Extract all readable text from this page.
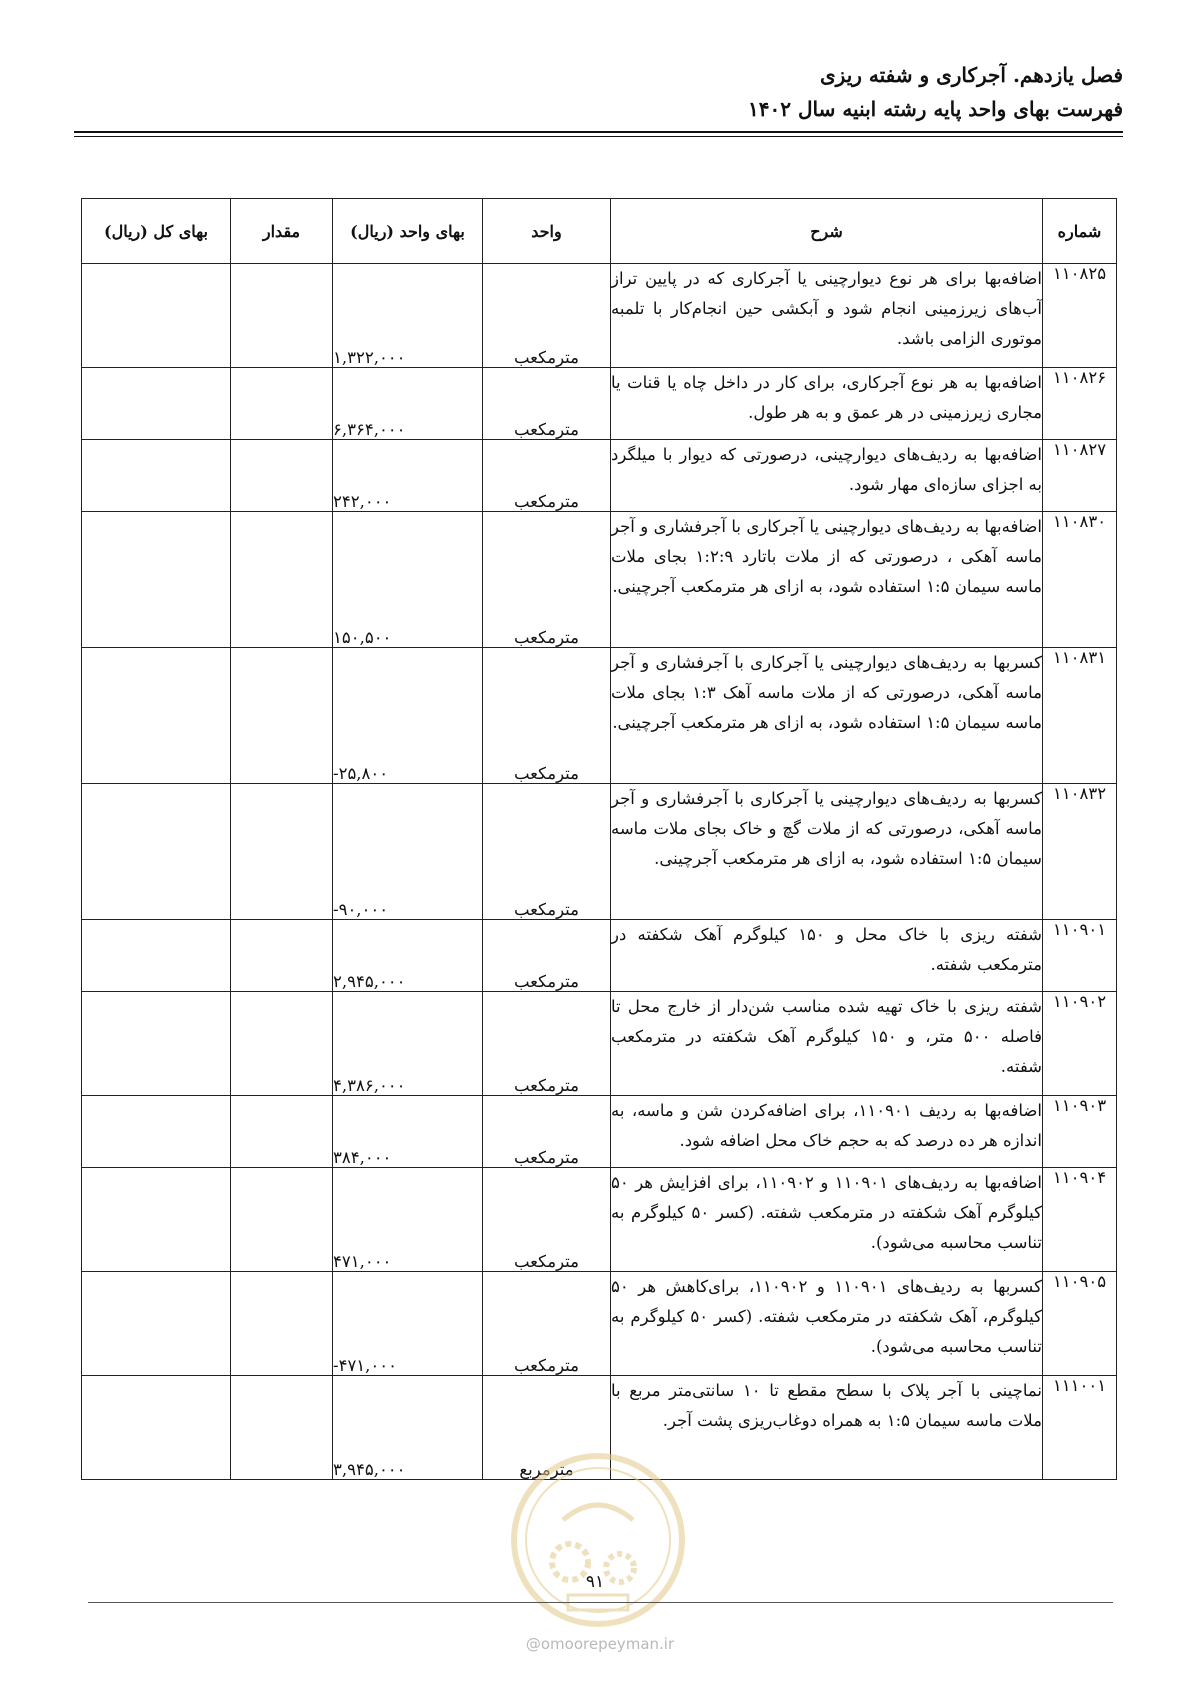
فصل یازدهم. آجرکاری و شفته ریزی
فهرست بهای واحد پایه رشته ابنیه سال ۱۴۰۲
شماره	شرح	واحد	بهای واحد (ریال)	مقدار	بهای کل (ریال)
۱۱۰۸۲۵	اضافه‌بها برای هر نوع دیوارچینی یا آجرکاری که در پایین تراز آب‌های زیرزمینی انجام شود و آبکشی حین انجام‌کار با تلمبه موتوری الزامی باشد.	مترمکعب	۱,۳۲۲,۰۰۰		
۱۱۰۸۲۶	اضافه‌بها به هر نوع آجرکاری، برای کار در داخل چاه یا قنات یا مجاری زیرزمینی در هر عمق و به هر طول.	مترمکعب	۶,۳۶۴,۰۰۰		
۱۱۰۸۲۷	اضافه‌بها به ردیف‌های دیوارچینی، درصورتی که دیوار با میلگرد به اجزای سازه‌ای مهار شود.	مترمکعب	۲۴۲,۰۰۰		
۱۱۰۸۳۰	اضافه‌بها به ردیف‌های دیوارچینی یا آجرکاری با آجرفشاری و آجر ماسه آهکی ، درصورتی که از ملات باتارد ۱:۲:۹ بجای ملات ماسه سیمان ۱:۵ استفاده شود، به ازای هر مترمکعب آجرچینی.	مترمکعب	۱۵۰,۵۰۰		
۱۱۰۸۳۱	کسربها به ردیف‌های دیوارچینی یا آجرکاری با آجرفشاری و آجر ماسه آهکی، درصورتی که از ملات ماسه آهک ۱:۳ بجای ملات ماسه سیمان ۱:۵ استفاده شود، به ازای هر مترمکعب آجرچینی.	مترمکعب	-۲۵,۸۰۰		
۱۱۰۸۳۲	کسربها به ردیف‌های دیوارچینی یا آجرکاری با آجرفشاری و آجر ماسه آهکی، درصورتی که از ملات گچ و خاک بجای ملات ماسه سیمان ۱:۵ استفاده شود، به ازای هر مترمکعب آجرچینی.	مترمکعب	-۹۰,۰۰۰		
۱۱۰۹۰۱	شفته ریزی با خاک محل و ۱۵۰ کیلوگرم آهک شکفته در مترمکعب شفته.	مترمکعب	۲,۹۴۵,۰۰۰		
۱۱۰۹۰۲	شفته ریزی با خاک تهیه شده مناسب شن‌دار از خارج محل تا فاصله ۵۰۰ متر، و ۱۵۰ کیلوگرم آهک شکفته در مترمکعب شفته.	مترمکعب	۴,۳۸۶,۰۰۰		
۱۱۰۹۰۳	اضافه‌بها به ردیف ۱۱۰۹۰۱، برای اضافه‌کردن شن و ماسه، به اندازه هر ده درصد که به حجم خاک محل اضافه شود.	مترمکعب	۳۸۴,۰۰۰		
۱۱۰۹۰۴	اضافه‌بها به ردیف‌های ۱۱۰۹۰۱ و ۱۱۰۹۰۲، برای افزایش هر ۵۰ کیلوگرم آهک شکفته در مترمکعب شفته. (کسر ۵۰ کیلوگرم به تناسب محاسبه می‌شود).	مترمکعب	۴۷۱,۰۰۰		
۱۱۰۹۰۵	کسربها به ردیف‌های ۱۱۰۹۰۱ و ۱۱۰۹۰۲، برای‌کاهش هر ۵۰ کیلوگرم، آهک شکفته در مترمکعب شفته. (کسر ۵۰ کیلوگرم به تناسب محاسبه می‌شود).	مترمکعب	-۴۷۱,۰۰۰		
۱۱۱۰۰۱	نماچینی با آجر پلاک با سطح مقطع تا ۱۰ سانتی‌متر مربع با ملات ماسه سیمان ۱:۵ به همراه دوغاب‌ریزی پشت آجر.	مترمربع	۳,۹۴۵,۰۰۰		
۹۱
@omoorepeyman.ir
